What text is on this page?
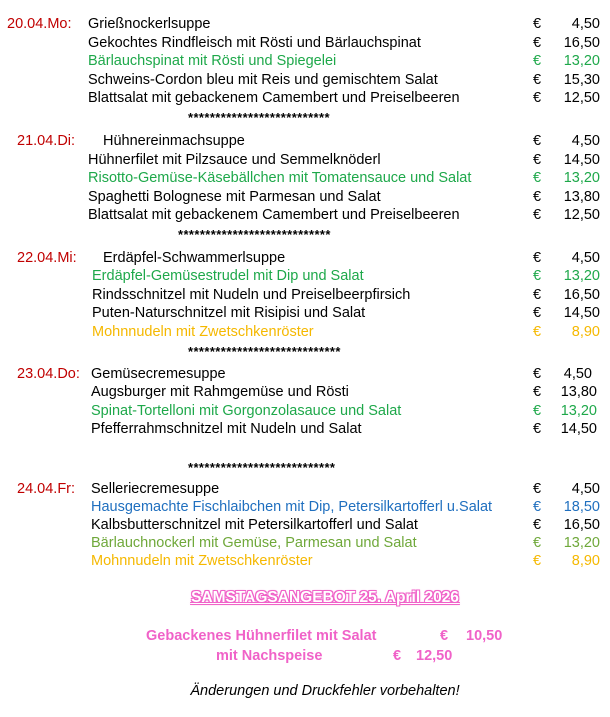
20.04.Mo: Grießnockerlsuppe	€ 4,50
Gekochtes Rindfleisch mit Rösti und Bärlauchspinat	€ 16,50
Bärlauchspinat mit Rösti und Spiegelei	€ 13,20
Schweins-Cordon bleu mit Reis und gemischtem Salat	€ 15,30
Blattsalat mit gebackenem Camembert und Preiselbeeren	€ 12,50
**************************
21.04.Di: Hühnereinmachsuppe	€ 4,50
Hühnerfilet mit Pilzsauce und Semmelknöderl	€ 14,50
Risotto-Gemüse-Käsebällchen mit Tomatensauce und Salat	€ 13,20
Spaghetti Bolognese mit Parmesan und Salat	€ 13,80
Blattsalat mit gebackenem Camembert und Preiselbeeren	€ 12,50
****************************
22.04.Mi: Erdäpfel-Schwammerlsuppe	€ 4,50
Erdäpfel-Gemüsestrudel mit Dip und Salat	€ 13,20
Rindsschnitzel mit Nudeln und Preiselbeerpfirsich	€ 16,50
Puten-Naturschnitzel mit Risipisi und Salat	€ 14,50
Mohnnudeln mit Zwetschkenröster	€ 8,90
****************************
23.04.Do: Gemüsecremesuppe	€ 4,50
Augsburger mit Rahmgemüse und Rösti	€ 13,80
Spinat-Tortelloni mit Gorgonzolasauce und Salat	€ 13,20
Pfefferrahmschnitzel mit Nudeln und Salat	€ 14,50
***************************
24.04.Fr: Selleriecremesuppe	€ 4,50
Hausgemachte Fischlaibchen mit Dip, Petersilkartofferl u.Salat	€ 18,50
Kalbsbutterschnitzel mit Petersilkartofferl und Salat	€ 16,50
Bärlauchnockerl mit Gemüse, Parmesan und Salat	€ 13,20
Mohnnudeln mit Zwetschkenröster	€ 8,90
SAMSTAGSANGEBOT 25. April 2026
Gebackenes Hühnerfilet mit Salat	€ 10,50
mit Nachspeise	€ 12,50
Änderungen und Druckfehler vorbehalten!
